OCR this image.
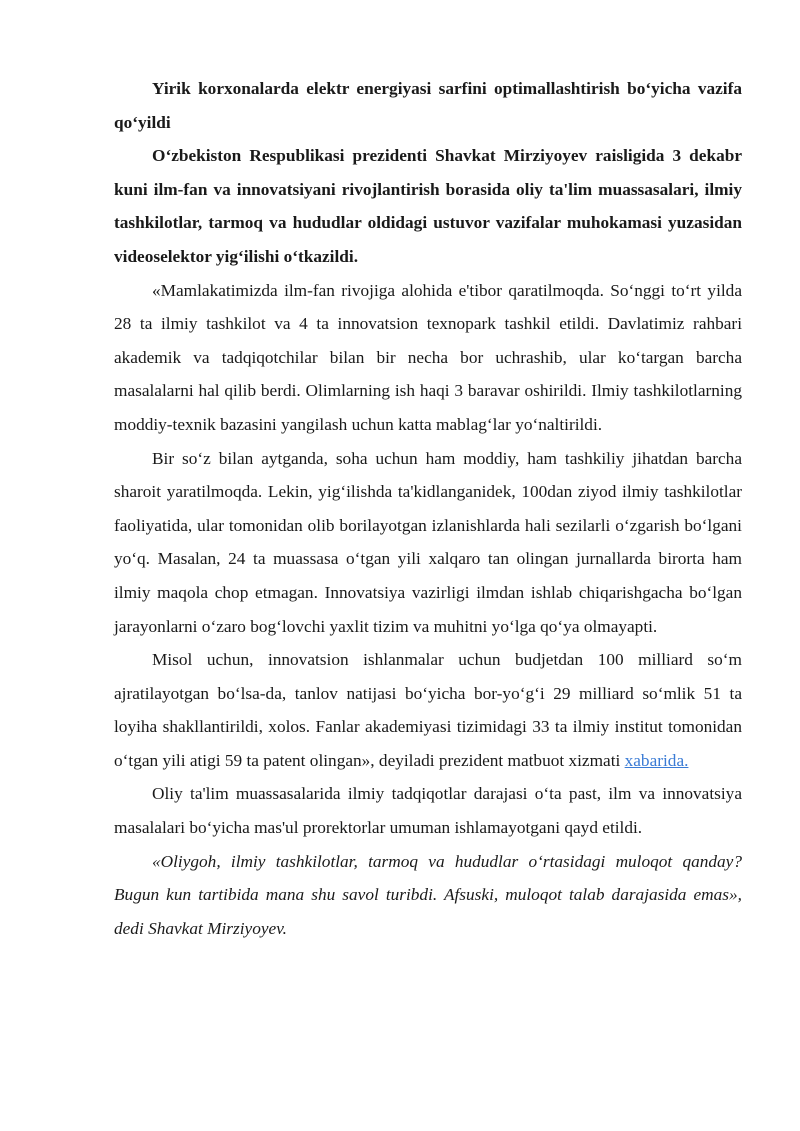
Yirik korxonalarda elektr energiyasi sarfini optimallashtirish bo‘yicha vazifa qo‘yildi

O‘zbekiston Respublikasi prezidenti Shavkat Mirziyoyev raisligida 3 dekabr kuni ilm-fan va innovatsiyani rivojlantirish borasida oliy ta'lim muassasalari, ilmiy tashkilotlar, tarmoq va hududlar oldidagi ustuvor vazifalar muhokamasi yuzasidan videoselektor yig‘ilishi o‘tkazildi.

«Mamlakatimizda ilm-fan rivojiga alohida e'tibor qaratilmoqda. So‘nggi to‘rt yilda 28 ta ilmiy tashkilot va 4 ta innovatsion texnopark tashkil etildi. Davlatimiz rahbari akademik va tadqiqotchilar bilan bir necha bor uchrashib, ular ko‘targan barcha masalalarni hal qilib berdi. Olimlarning ish haqi 3 baravar oshirildi. Ilmiy tashkilotlarning moddiy-texnik bazasini yangilash uchun katta mablag‘lar yo‘naltirildi.

Bir so‘z bilan aytganda, soha uchun ham moddiy, ham tashkiliy jihatdan barcha sharoit yaratilmoqda. Lekin, yig‘ilishda ta'kidlanganidek, 100dan ziyod ilmiy tashkilotlar faoliyatida, ular tomonidan olib borilayotgan izlanishlarda hali sezilarli o‘zgarish bo‘lgani yo‘q. Masalan, 24 ta muassasa o‘tgan yili xalqaro tan olingan jurnallarda birorta ham ilmiy maqola chop etmagan. Innovatsiya vazirligi ilmdan ishlab chiqarishgacha bo‘lgan jarayonlarni o‘zaro bog‘lovchi yaxlit tizim va muhitni yo‘lga qo‘ya olmayapti.

Misol uchun, innovatsion ishlanmalar uchun budjetdan 100 milliard so‘m ajratilayotgan bo‘lsa-da, tanlov natijasi bo‘yicha bor-yo‘g‘i 29 milliard so‘mlik 51 ta loyiha shakllantirildi, xolos. Fanlar akademiyasi tizimidagi 33 ta ilmiy institut tomonidan o‘tgan yili atigi 59 ta patent olingan», deyiladi prezident matbuot xizmati xabarida.

Oliy ta'lim muassasalarida ilmiy tadqiqotlar darajasi o‘ta past, ilm va innovatsiya masalalari bo‘yicha mas'ul prorektorlar umuman ishlamayotgani qayd etildi.

«Oliygoh, ilmiy tashkilotlar, tarmoq va hududlar o‘rtasidagi muloqot qanday? Bugun kun tartibida mana shu savol turibdi. Afsuski, muloqot talab darajasida emas», dedi Shavkat Mirziyoyev.
